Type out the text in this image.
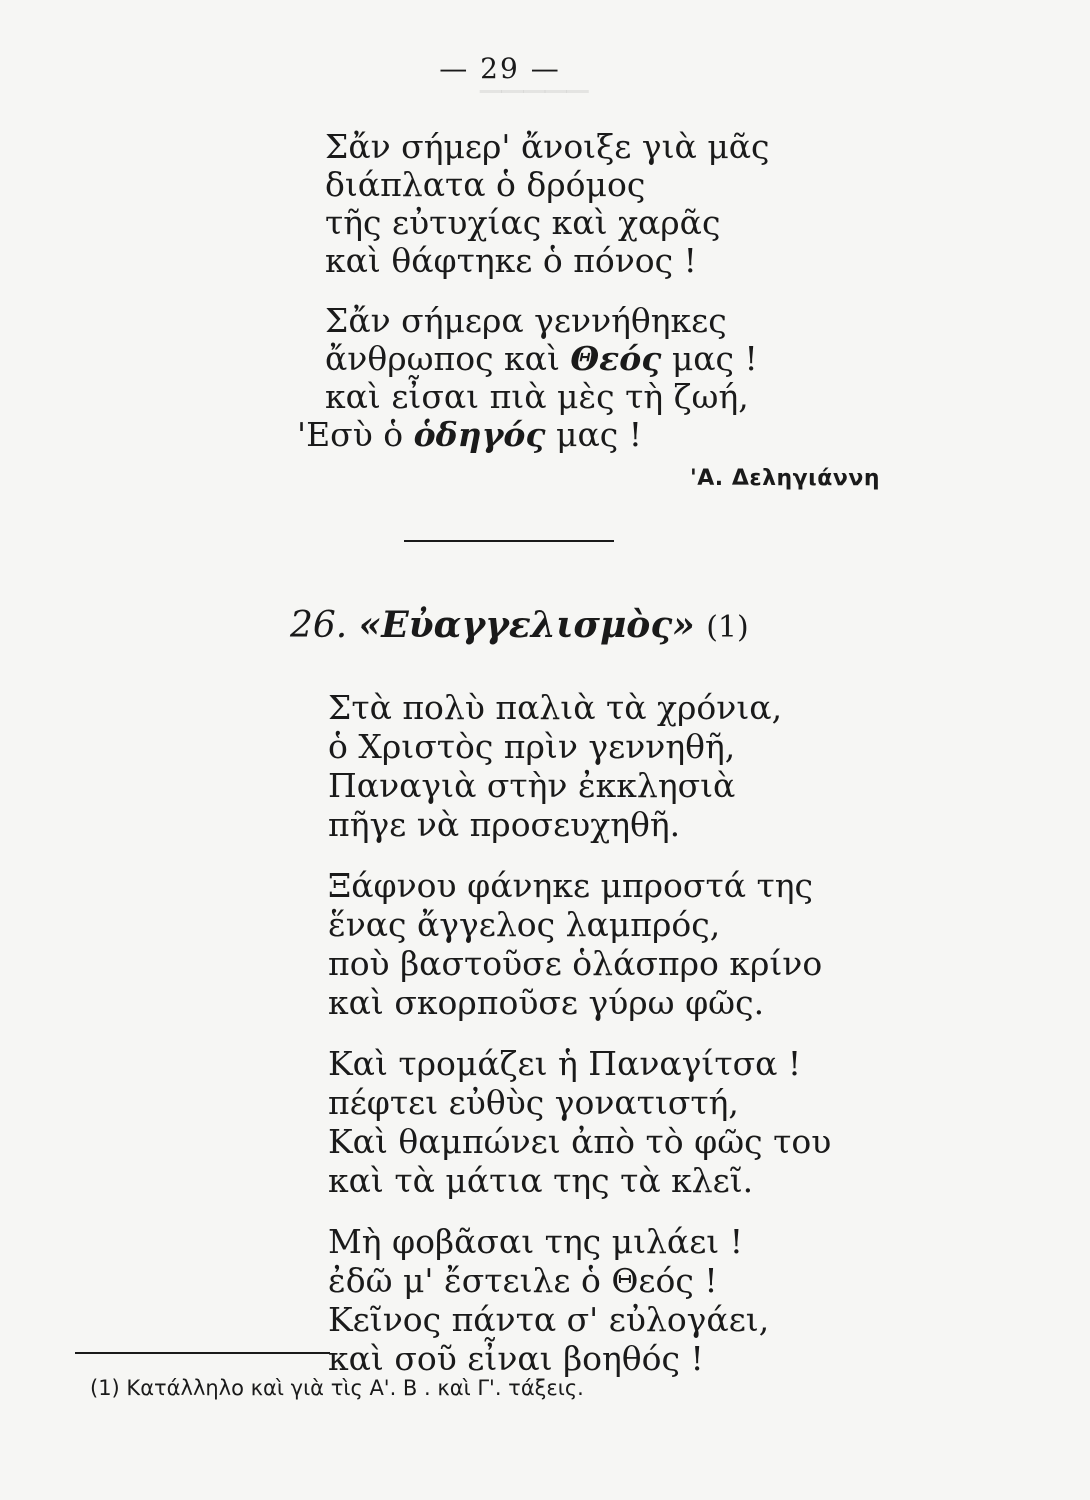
─────
— 29 —
Σἄν σήμερ' ἄνοιξε γιὰ μᾶς
διάπλατα ὁ δρόμος
τῆς εὐτυχίας καὶ χαρᾶς
καὶ θάφτηκε ὁ πόνος !
Σἄν σήμερα γεννήθηκες
ἄνθρωπος καὶ Θεός μας !
καὶ εἶσαι πιὰ μὲς τὴ ζωή,
'Εσὺ ὁ ὁδηγός μας !
'Α. Δεληγιάννη
26. «Εὐαγγελισμὸς» (1)
Στὰ πολὺ παλιὰ τὰ χρόνια,
ὁ Χριστὸς πρὶν γεννηθῆ,
Παναγιὰ στὴν ἐκκλησιὰ
πῆγε νὰ προσευχηθῆ.
Ξάφνου φάνηκε μπροστά της
ἕνας ἄγγελος λαμπρός,
ποὺ βαστοῦσε ὁλάσπρο κρίνο
καὶ σκορποῦσε γύρω φῶς.
Καὶ τρομάζει ἡ Παναγίτσα !
πέφτει εὐθὺς γονατιστή,
Καὶ θαμπώνει ἀπὸ τὸ φῶς του
καὶ τὰ μάτια της τὰ κλεῖ.
Μὴ φοβᾶσαι της μιλάει !
ἐδῶ μ' ἔστειλε ὁ Θεός !
Κεῖνος πάντα σ' εὐλογάει,
καὶ σοῦ εἶναι βοηθός !
(1) Κατάλληλο καὶ γιὰ τὶς Α'. Β . καὶ Γ'. τάξεις.
